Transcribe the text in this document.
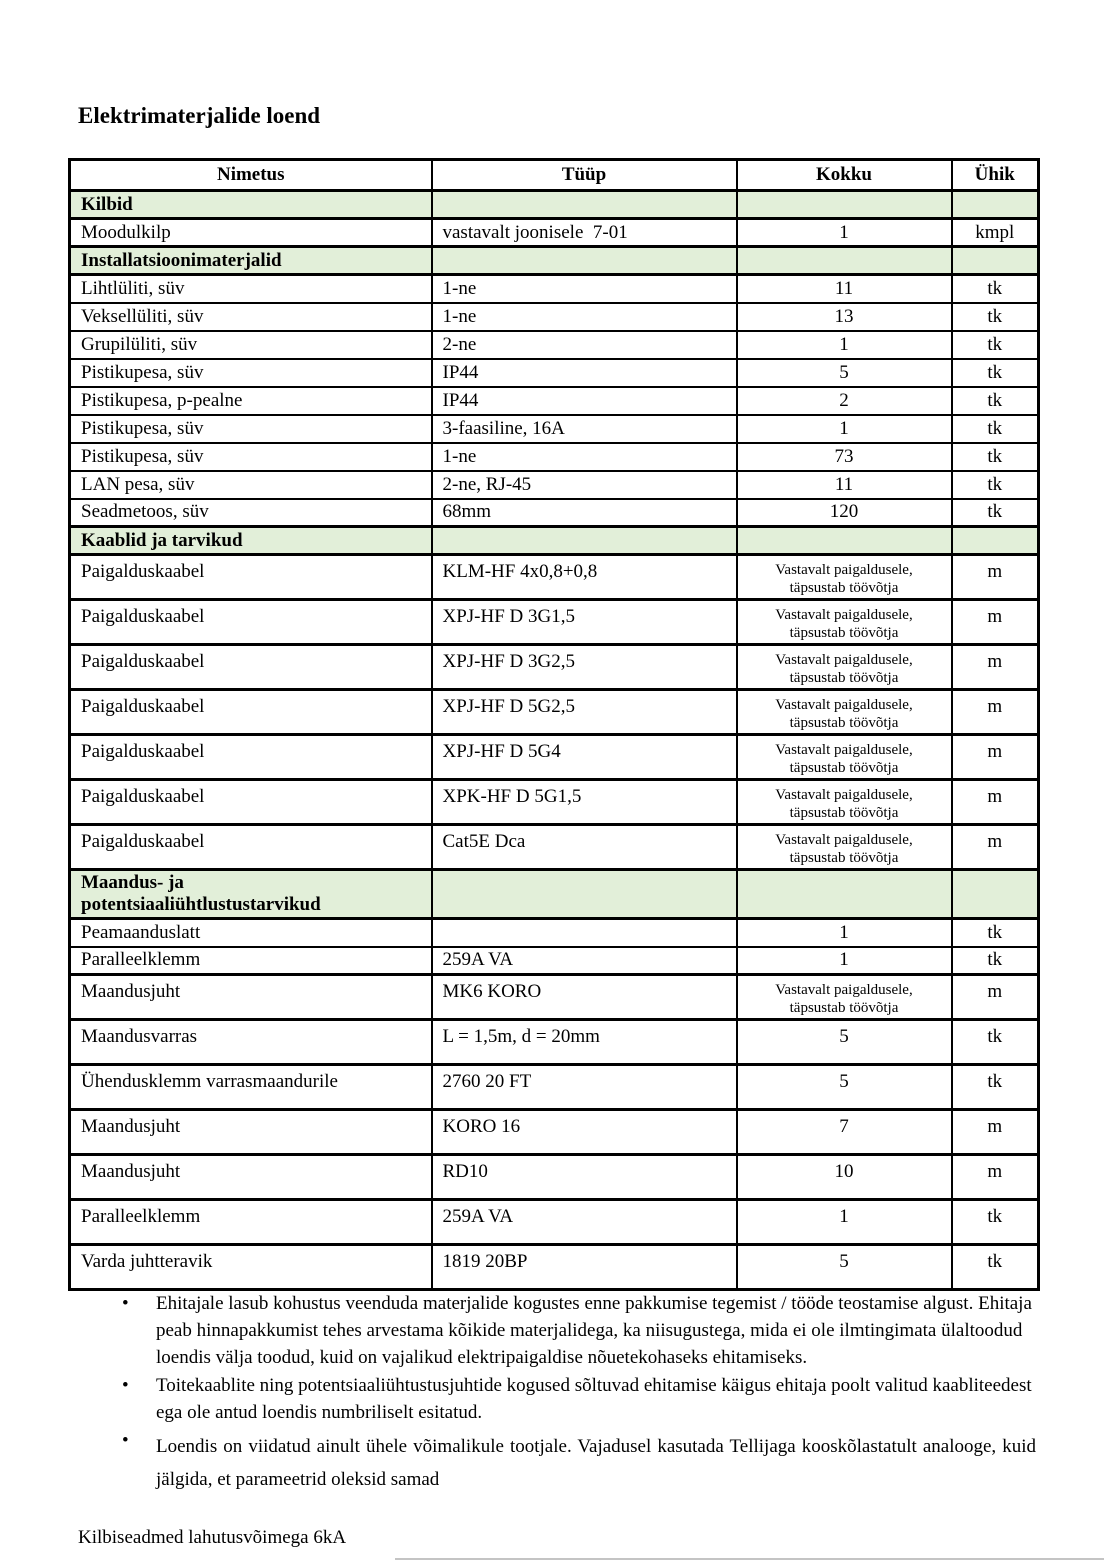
Elektrimaterjalide loend
Nimetus	Tüüp	Kokku	Ühik
Kilbid			
Moodulkilp	vastavalt joonisele  7-01	1	kmpl
Installatsioonimaterjalid			
Lihtlüliti, süv	1-ne	11	tk
Veksellüliti, süv	1-ne	13	tk
Grupilüliti, süv	2-ne	1	tk
Pistikupesa, süv	IP44	5	tk
Pistikupesa, p-pealne	IP44	2	tk
Pistikupesa, süv	3-faasiline, 16A	1	tk
Pistikupesa, süv	1-ne	73	tk
LAN pesa, süv	2-ne, RJ-45	11	tk
Seadmetoos, süv	68mm	120	tk
Kaablid ja tarvikud			
Paigalduskaabel	KLM-HF 4x0,8+0,8	Vastavalt paigaldusele, täpsustab töövõtja	m
Paigalduskaabel	XPJ-HF D 3G1,5	Vastavalt paigaldusele, täpsustab töövõtja	m
Paigalduskaabel	XPJ-HF D 3G2,5	Vastavalt paigaldusele, täpsustab töövõtja	m
Paigalduskaabel	XPJ-HF D 5G2,5	Vastavalt paigaldusele, täpsustab töövõtja	m
Paigalduskaabel	XPJ-HF D 5G4	Vastavalt paigaldusele, täpsustab töövõtja	m
Paigalduskaabel	XPK-HF D 5G1,5	Vastavalt paigaldusele, täpsustab töövõtja	m
Paigalduskaabel	Cat5E Dca	Vastavalt paigaldusele, täpsustab töövõtja	m
Maandus- ja potentsiaaliühtlustustarvikud			
Peamaanduslatt		1	tk
Paralleelklemm	259A VA	1	tk
Maandusjuht	MK6 KORO	Vastavalt paigaldusele, täpsustab töövõtja	m
Maandusvarras	L = 1,5m, d = 20mm	5	tk
Ühendusklemm varrasmaandurile	2760 20 FT	5	tk
Maandusjuht	KORO 16	7	m
Maandusjuht	RD10	10	m
Paralleelklemm	259A VA	1	tk
Varda juhtteravik	1819 20BP	5	tk
•	Ehitajale lasub kohustus veenduda materjalide kogustes enne pakkumise tegemist / tööde teostamise algust. Ehitaja peab hinnapakkumist tehes arvestama kõikide materjalidega, ka niisugustega, mida ei ole ilmtingimata ülaltoodud loendis välja toodud, kuid on vajalikud elektripaigaldise nõuetekohaseks ehitamiseks.
•	Toitekaablite ning potentsiaaliühtustusjuhtide kogused sõltuvad ehitamise käigus ehitaja poolt valitud kaabliteedest ega ole antud loendis numbriliselt esitatud.
•	Loendis on viidatud ainult ühele võimalikule tootjale. Vajadusel kasutada Tellijaga kooskõlastatult analooge, kuid jälgida, et parameetrid oleksid samad
Kilbiseadmed lahutusvõimega 6kA
